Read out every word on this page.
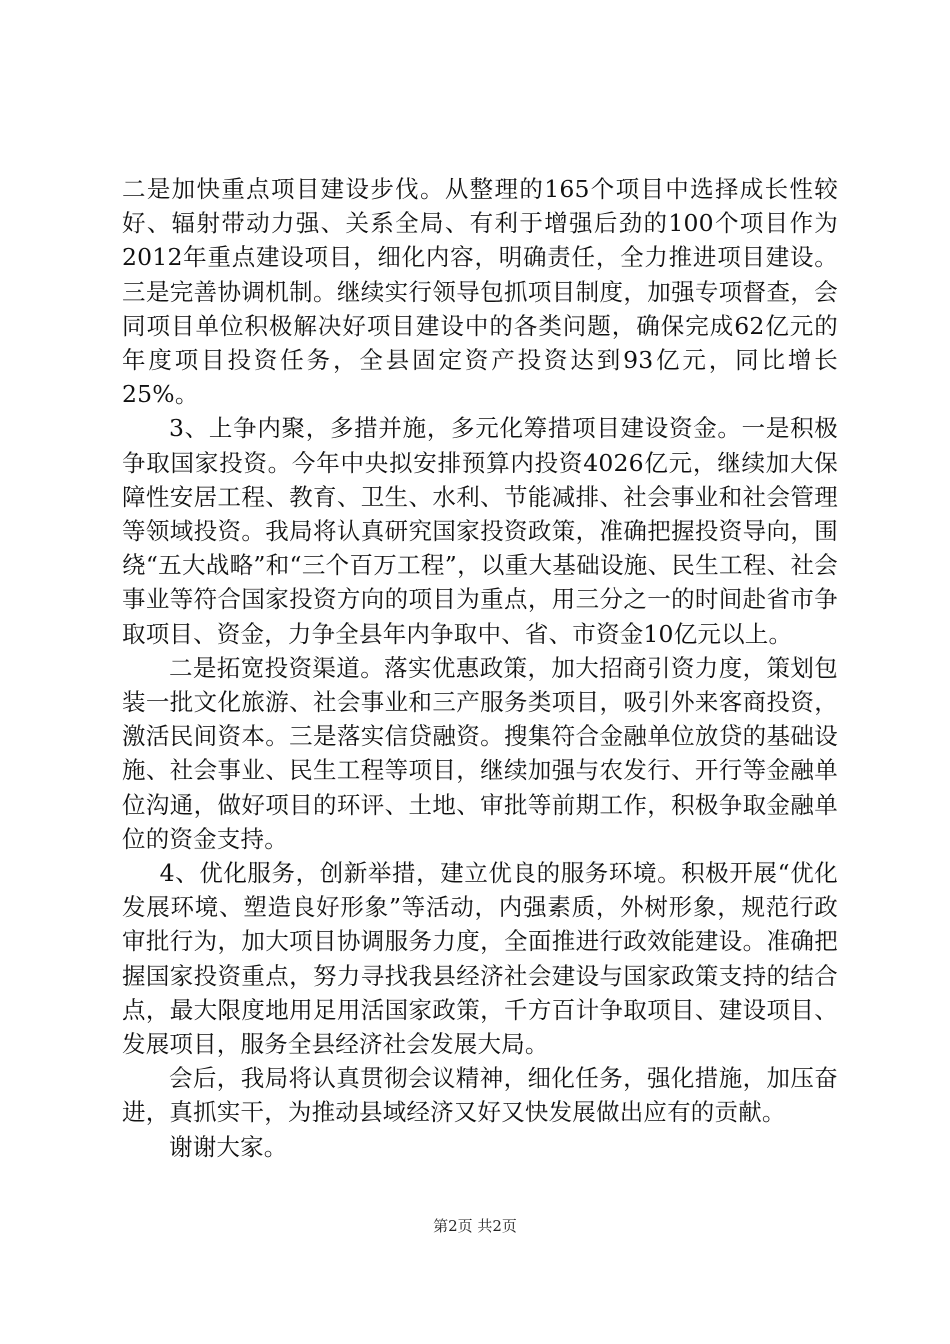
二是加快重点项目建设步伐。从整理的165个项目中选择成长性较好、辐射带动力强、关系全局、有利于增强后劲的100个项目作为2012年重点建设项目，细化内容，明确责任，全力推进项目建设。三是完善协调机制。继续实行领导包抓项目制度，加强专项督查，会同项目单位积极解决好项目建设中的各类问题，确保完成62亿元的年度项目投资任务，全县固定资产投资达到93亿元，同比增长25%。

3、上争内聚，多措并施，多元化筹措项目建设资金。一是积极争取国家投资。今年中央拟安排预算内投资4026亿元，继续加大保障性安居工程、教育、卫生、水利、节能减排、社会事业和社会管理等领域投资。我局将认真研究国家投资政策，准确把握投资导向，围绕“五大战略”和“三个百万工程”，以重大基础设施、民生工程、社会事业等符合国家投资方向的项目为重点，用三分之一的时间赴省市争取项目、资金，力争全县年内争取中、省、市资金10亿元以上。

二是拓宽投资渠道。落实优惠政策，加大招商引资力度，策划包装一批文化旅游、社会事业和三产服务类项目，吸引外来客商投资，激活民间资本。三是落实信贷融资。搜集符合金融单位放贷的基础设施、社会事业、民生工程等项目，继续加强与农发行、开行等金融单位沟通，做好项目的环评、土地、审批等前期工作，积极争取金融单位的资金支持。

4、优化服务，创新举措，建立优良的服务环境。积极开展“优化发展环境、塑造良好形象”等活动，内强素质，外树形象，规范行政审批行为，加大项目协调服务力度，全面推进行政效能建设。准确把握国家投资重点，努力寻找我县经济社会建设与国家政策支持的结合点，最大限度地用足用活国家政策，千方百计争取项目、建设项目、发展项目，服务全县经济社会发展大局。

会后，我局将认真贯彻会议精神，细化任务，强化措施，加压奋进，真抓实干，为推动县域经济又好又快发展做出应有的贡献。

谢谢大家。

第2页 共2页
